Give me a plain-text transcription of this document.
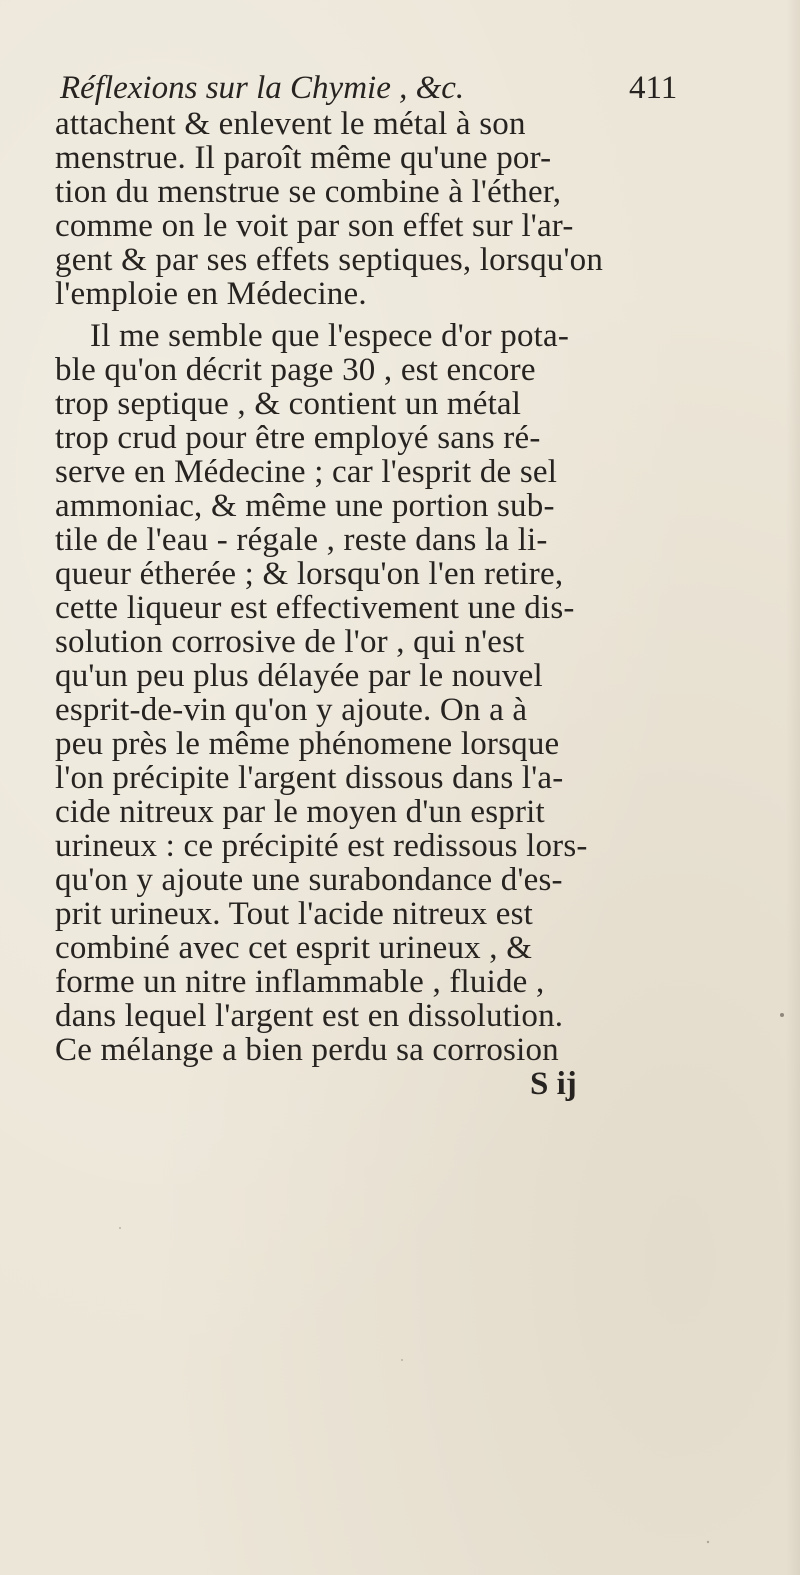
Réflexions sur la Chymie , &c.	411
attachent & enlevent le métal à son
menstrue. Il paroît même qu'une por-
tion du menstrue se combine à l'éther,
comme on le voit par son effet sur l'ar-
gent & par ses effets septiques, lorsqu'on
l'emploie en Médecine.
Il me semble que l'espece d'or pota-
ble qu'on décrit page 30 , est encore
trop septique , & contient un métal
trop crud pour être employé sans ré-
serve en Médecine ; car l'esprit de sel
ammoniac, & même une portion sub-
tile de l'eau - régale , reste dans la li-
queur étherée ; & lorsqu'on l'en retire,
cette liqueur est effectivement une dis-
solution corrosive de l'or , qui n'est
qu'un peu plus délayée par le nouvel
esprit-de-vin qu'on y ajoute. On a à
peu près le même phénomene lorsque
l'on précipite l'argent dissous dans l'a-
cide nitreux par le moyen d'un esprit
urineux : ce précipité est redissous lors-
qu'on y ajoute une surabondance d'es-
prit urineux. Tout l'acide nitreux est
combiné avec cet esprit urineux , &
forme un nitre inflammable , fluide ,
dans lequel l'argent est en dissolution.
Ce mélange a bien perdu sa corrosion
S ij
